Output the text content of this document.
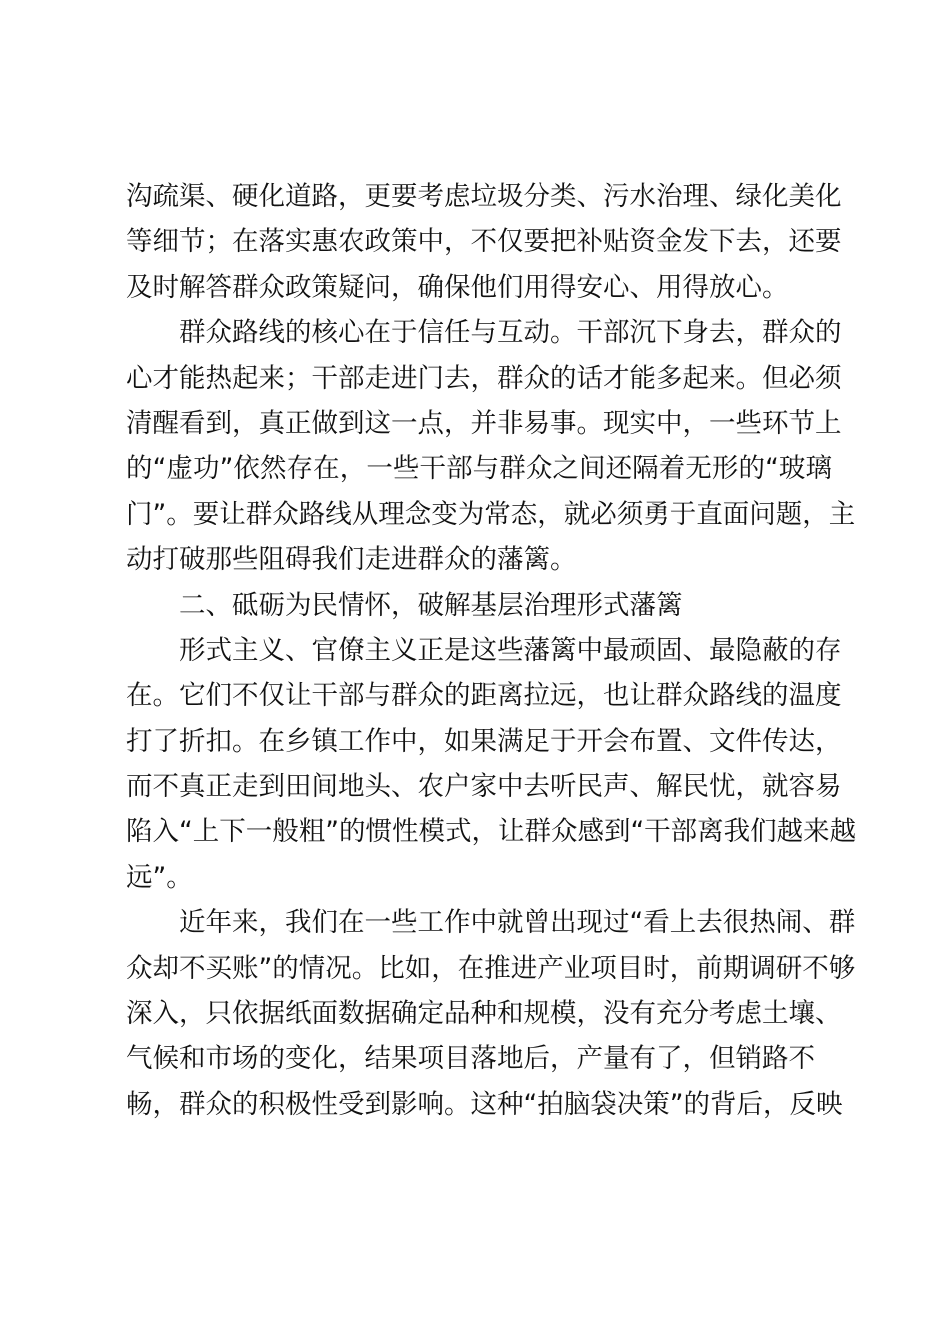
沟疏渠、硬化道路，更要考虑垃圾分类、污水治理、绿化美化
等细节；在落实惠农政策中，不仅要把补贴资金发下去，还要
及时解答群众政策疑问，确保他们用得安心、用得放心。
群众路线的核心在于信任与互动。干部沉下身去，群众的
心才能热起来；干部走进门去，群众的话才能多起来。但必须
清醒看到，真正做到这一点，并非易事。现实中，一些环节上
的“虚功”依然存在，一些干部与群众之间还隔着无形的“玻璃
门”。要让群众路线从理念变为常态，就必须勇于直面问题，主
动打破那些阻碍我们走进群众的藩篱。
二、砥砺为民情怀，破解基层治理形式藩篱
形式主义、官僚主义正是这些藩篱中最顽固、最隐蔽的存
在。它们不仅让干部与群众的距离拉远，也让群众路线的温度
打了折扣。在乡镇工作中，如果满足于开会布置、文件传达，
而不真正走到田间地头、农户家中去听民声、解民忧，就容易
陷入“上下一般粗”的惯性模式，让群众感到“干部离我们越来越
远”。
近年来，我们在一些工作中就曾出现过“看上去很热闹、群
众却不买账”的情况。比如，在推进产业项目时，前期调研不够
深入，只依据纸面数据确定品种和规模，没有充分考虑土壤、
气候和市场的变化，结果项目落地后，产量有了，但销路不
畅，群众的积极性受到影响。这种“拍脑袋决策”的背后，反映
